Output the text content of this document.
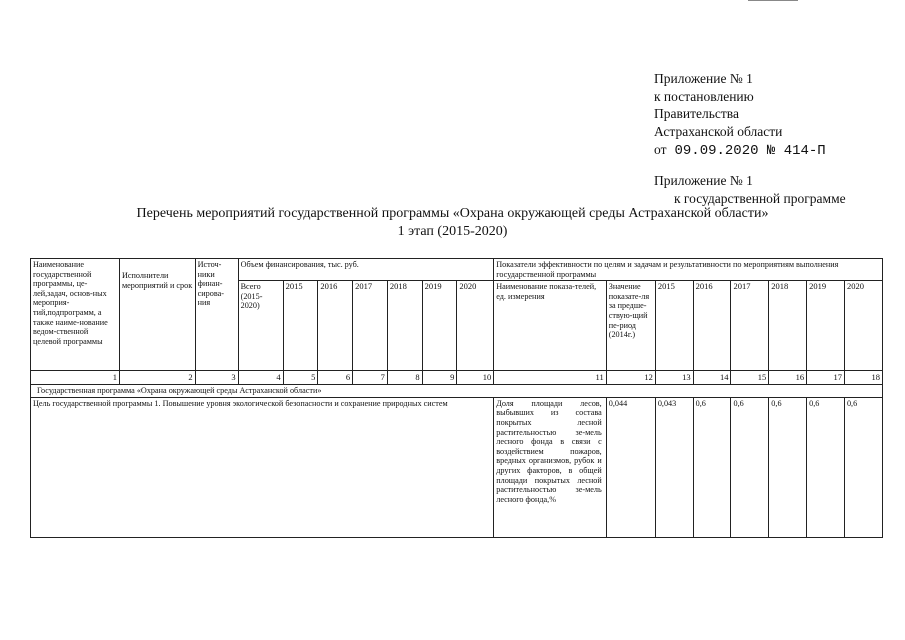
Приложение № 1
к постановлению
Правительства
Астраханской области
от 09.09.2020 № 414-П
Приложение № 1
к государственной программе
Перечень мероприятий государственной программы «Охрана окружающей среды Астраханской области»
1 этап (2015-2020)
Наименование государственной программы, це-лей,задач, основ-ных мероприя-тий,подпрограмм, а также наиме-нование ведом-ственной целевой программы	Исполнители мероприятий и срок	Источ-ники финан-сирова-ния	Объем финансирования, тыс. руб.							Показатели эффективности по целям и задачам и результативности по мероприятиям выполнения государственной программы							
			Всего (2015-2020)	2015	2016	2017	2018	2019	2020	Наименование показа-телей, ед. измерения	Значение показате-ля за предше-ствую-щий пе-риод (2014г.)	2015	2016	2017	2018	2019	2020
1	2	3	4	5	6	7	8	9	10	11	12	13	14	15	16	17	18
Государственная программа «Охрана окружающей среды Астраханской области»																	
Цель государственной программы 1. Повышение уровня экологической безопасности и сохранение природных систем										Доля площади лесов, выбывших из состава покрытых лесной растительностью зе-мель лесного фонда в связи с воздействием пожаров, вредных организмов, рубок и других факторов, в общей площади покрытых лесной растительностью зе-мель лесного фонда,%	0,044	0,043	0,6	0,6	0,6	0,6	0,6
